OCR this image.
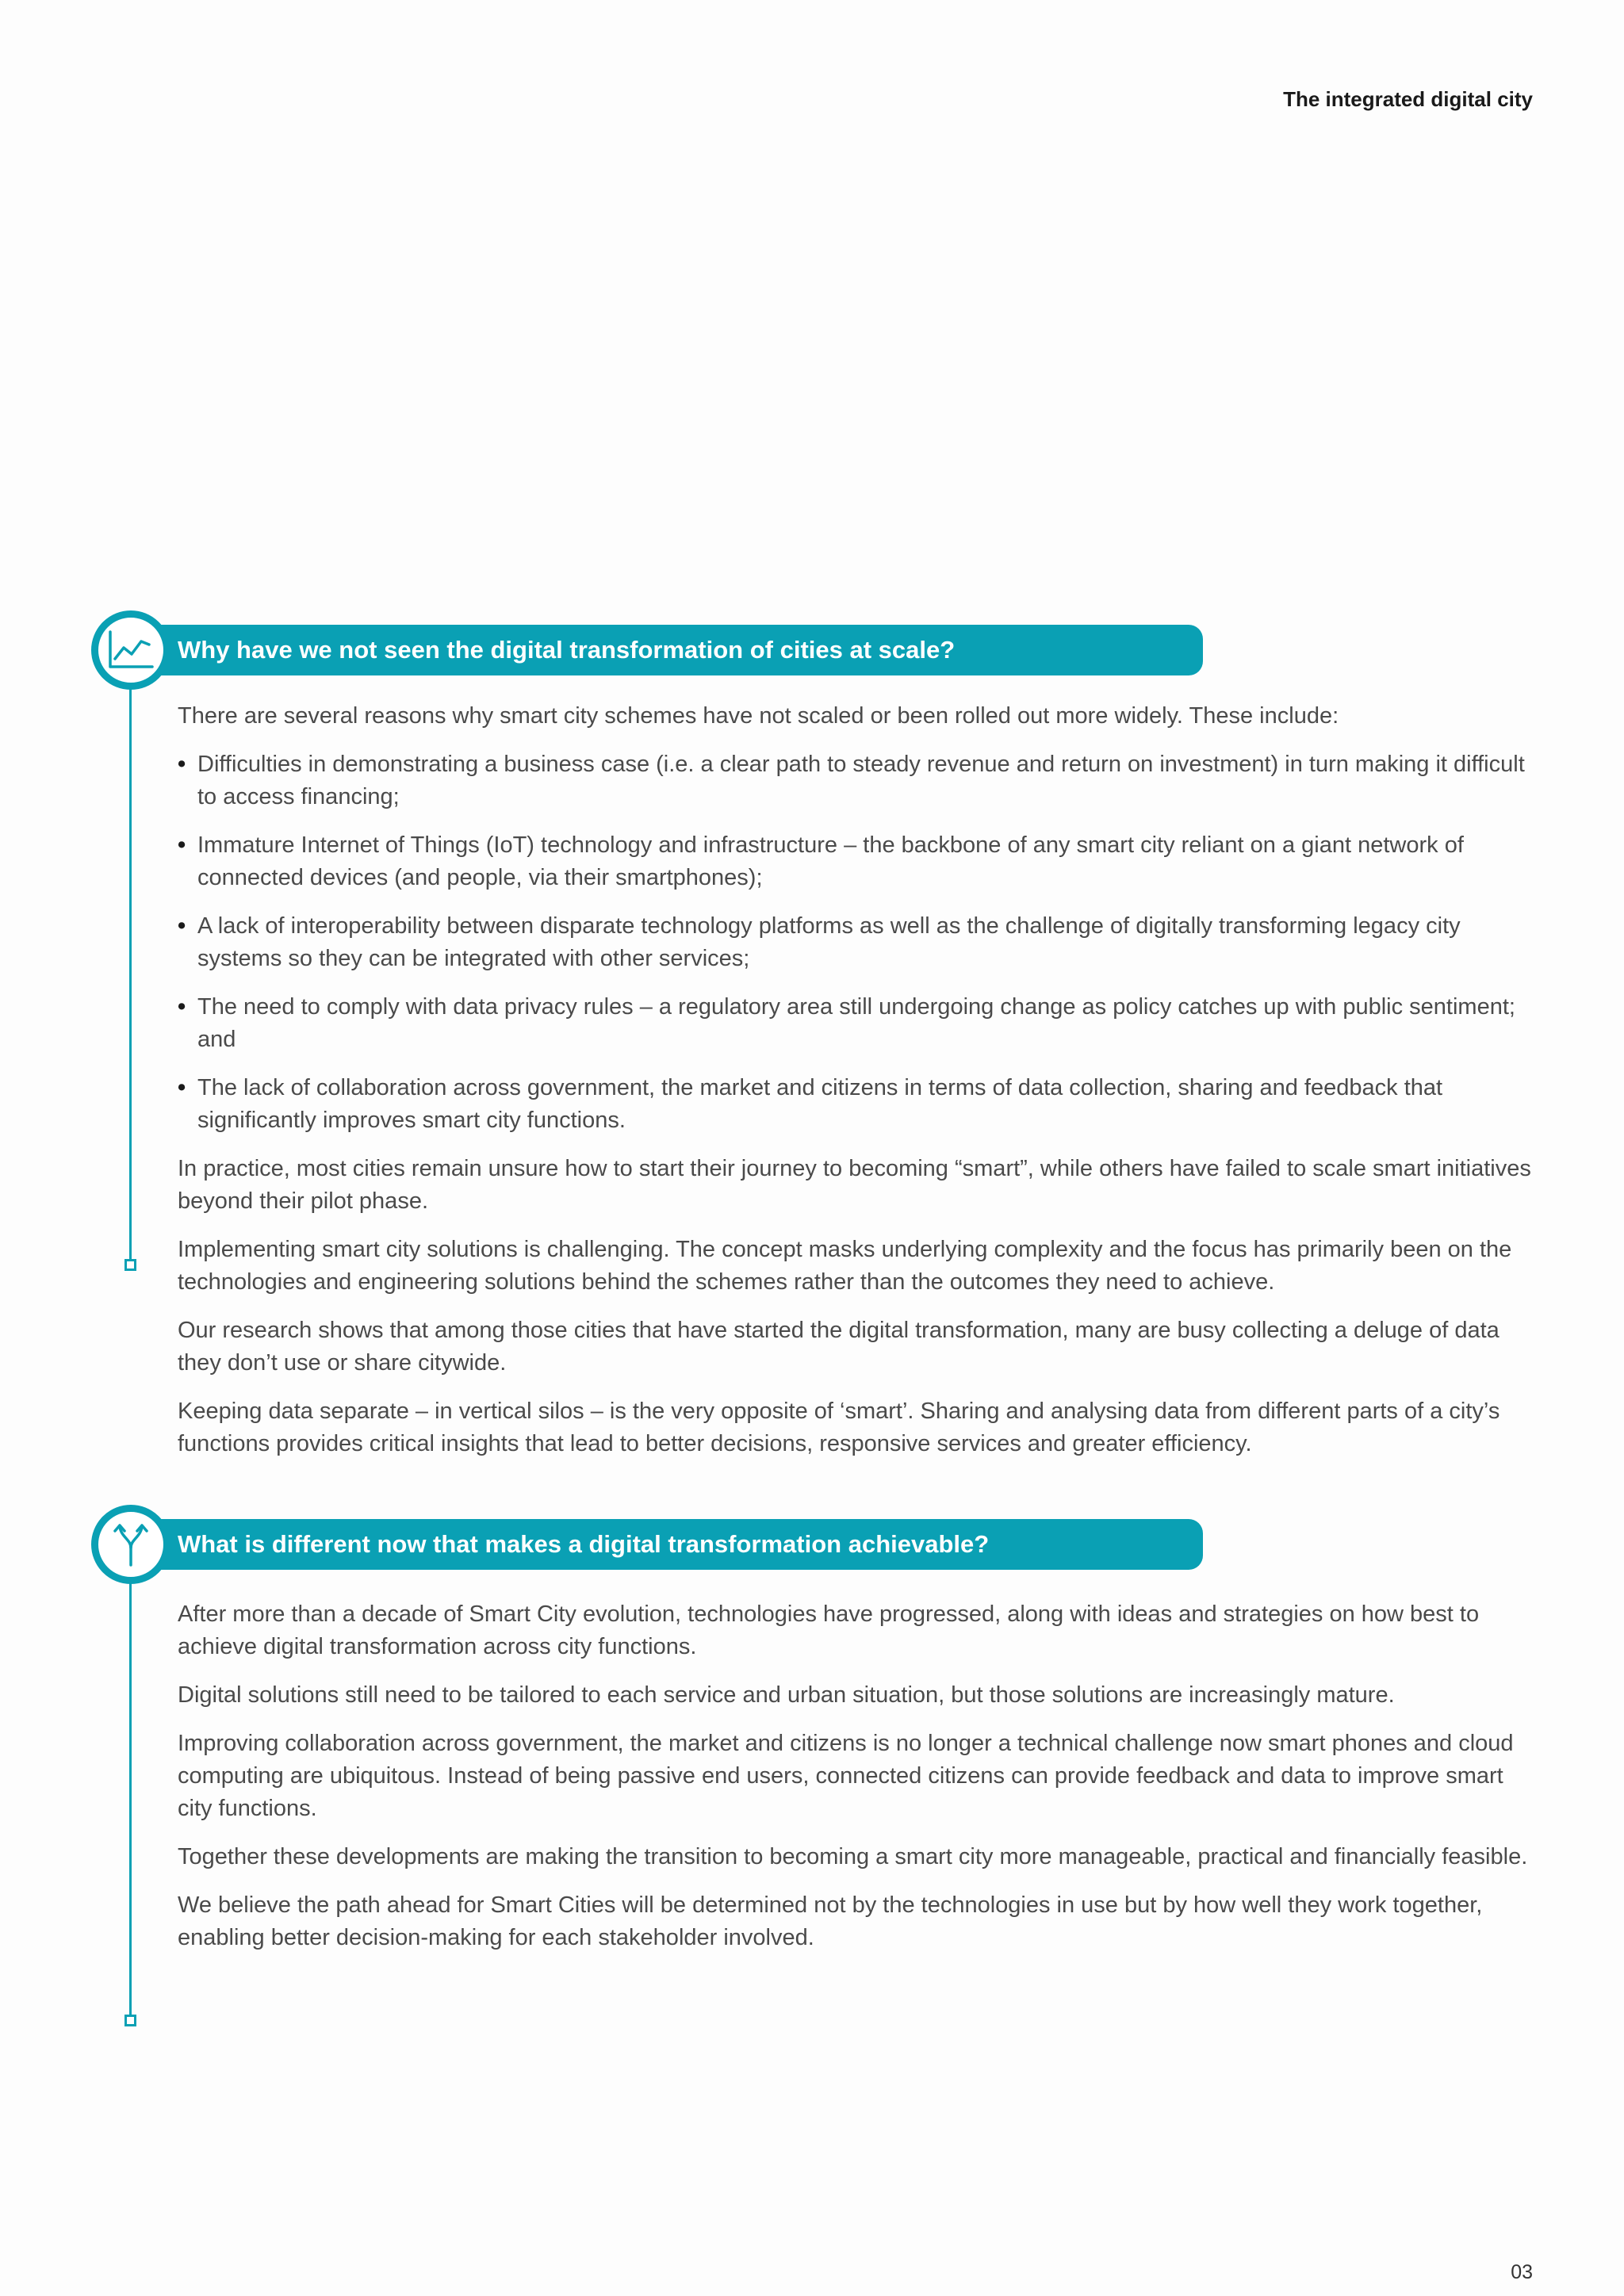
The integrated digital city
Why have we not seen the digital transformation of cities at scale?

There are several reasons why smart city schemes have not scaled or been rolled out more widely. These include:

• Difficulties in demonstrating a business case (i.e. a clear path to steady revenue and return on investment) in turn making it difficult to access financing;
• Immature Internet of Things (IoT) technology and infrastructure – the backbone of any smart city reliant on a giant network of connected devices (and people, via their smartphones);
• A lack of interoperability between disparate technology platforms as well as the challenge of digitally transforming legacy city systems so they can be integrated with other services;
• The need to comply with data privacy rules – a regulatory area still undergoing change as policy catches up with public sentiment; and
• The lack of collaboration across government, the market and citizens in terms of data collection, sharing and feedback that significantly improves smart city functions.

In practice, most cities remain unsure how to start their journey to becoming “smart”, while others have failed to scale smart initiatives beyond their pilot phase.

Implementing smart city solutions is challenging. The concept masks underlying complexity and the focus has primarily been on the technologies and engineering solutions behind the schemes rather than the outcomes they need to achieve.

Our research shows that among those cities that have started the digital transformation, many are busy collecting a deluge of data they don’t use or share citywide.

Keeping data separate – in vertical silos – is the very opposite of ‘smart’. Sharing and analysing data from different parts of a city’s functions provides critical insights that lead to better decisions, responsive services and greater efficiency.

What is different now that makes a digital transformation achievable?

After more than a decade of Smart City evolution, technologies have progressed, along with ideas and strategies on how best to achieve digital transformation across city functions.

Digital solutions still need to be tailored to each service and urban situation, but those solutions are increasingly mature.

Improving collaboration across government, the market and citizens is no longer a technical challenge now smart phones and cloud computing are ubiquitous. Instead of being passive end users, connected citizens can provide feedback and data to improve smart city functions.

Together these developments are making the transition to becoming a smart city more manageable, practical and financially feasible.

We believe the path ahead for Smart Cities will be determined not by the technologies in use but by how well they work together, enabling better decision-making for each stakeholder involved.

03
